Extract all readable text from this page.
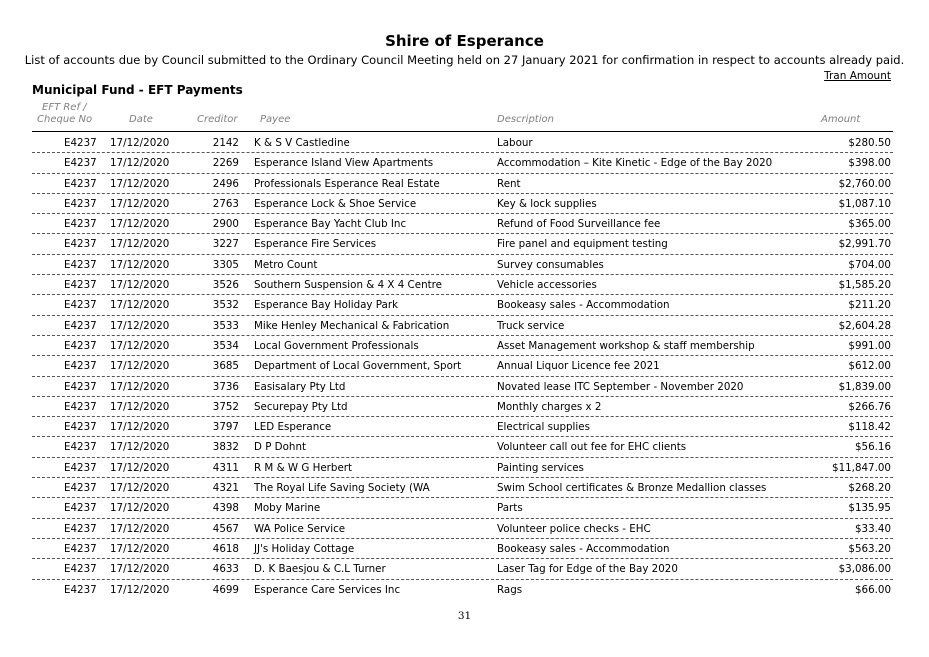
Shire of Esperance
List of accounts due by Council submitted to the Ordinary Council Meeting held on 27 January 2021 for confirmation in respect to accounts already paid.
Tran Amount
Municipal Fund - EFT Payments
EFT Ref /
Cheque No	Date	Creditor Payee	Description	Amount
E4237 17/12/2020	2142 K & S V Castledine	Labour	$280.50
E4237 17/12/2020	2269 Esperance Island View Apartments	Accommodation – Kite Kinetic - Edge of the Bay 2020	$398.00
E4237 17/12/2020	2496 Professionals Esperance Real Estate	Rent	$2,760.00
E4237 17/12/2020	2763 Esperance Lock & Shoe Service	Key & lock supplies	$1,087.10
E4237 17/12/2020	2900 Esperance Bay Yacht Club Inc	Refund of Food Surveillance fee	$365.00
E4237 17/12/2020	3227 Esperance Fire Services	Fire panel and equipment testing	$2,991.70
E4237 17/12/2020	3305 Metro Count	Survey consumables	$704.00
E4237 17/12/2020	3526 Southern Suspension & 4 X 4 Centre	Vehicle accessories	$1,585.20
E4237 17/12/2020	3532 Esperance Bay Holiday Park	Bookeasy sales - Accommodation	$211.20
E4237 17/12/2020	3533 Mike Henley Mechanical & Fabrication	Truck service	$2,604.28
E4237 17/12/2020	3534 Local Government Professionals	Asset Management workshop & staff membership	$991.00
E4237 17/12/2020	3685 Department of Local Government, Sport	Annual Liquor Licence fee 2021	$612.00
E4237 17/12/2020	3736 Easisalary Pty Ltd	Novated lease ITC September - November 2020	$1,839.00
E4237 17/12/2020	3752 Securepay Pty Ltd	Monthly charges x 2	$266.76
E4237 17/12/2020	3797 LED Esperance	Electrical supplies	$118.42
E4237 17/12/2020	3832 D P Dohnt	Volunteer call out fee for EHC clients	$56.16
E4237 17/12/2020	4311 R M & W G Herbert	Painting services	$11,847.00
E4237 17/12/2020	4321 The Royal Life Saving Society (WA	Swim School certificates & Bronze Medallion classes	$268.20
E4237 17/12/2020	4398 Moby Marine	Parts	$135.95
E4237 17/12/2020	4567 WA Police Service	Volunteer police checks - EHC	$33.40
E4237 17/12/2020	4618 JJ's Holiday Cottage	Bookeasy sales - Accommodation	$563.20
E4237 17/12/2020	4633 D. K Baesjou & C.L Turner	Laser Tag for Edge of the Bay 2020	$3,086.00
E4237 17/12/2020	4699 Esperance Care Services Inc	Rags	$66.00
31
